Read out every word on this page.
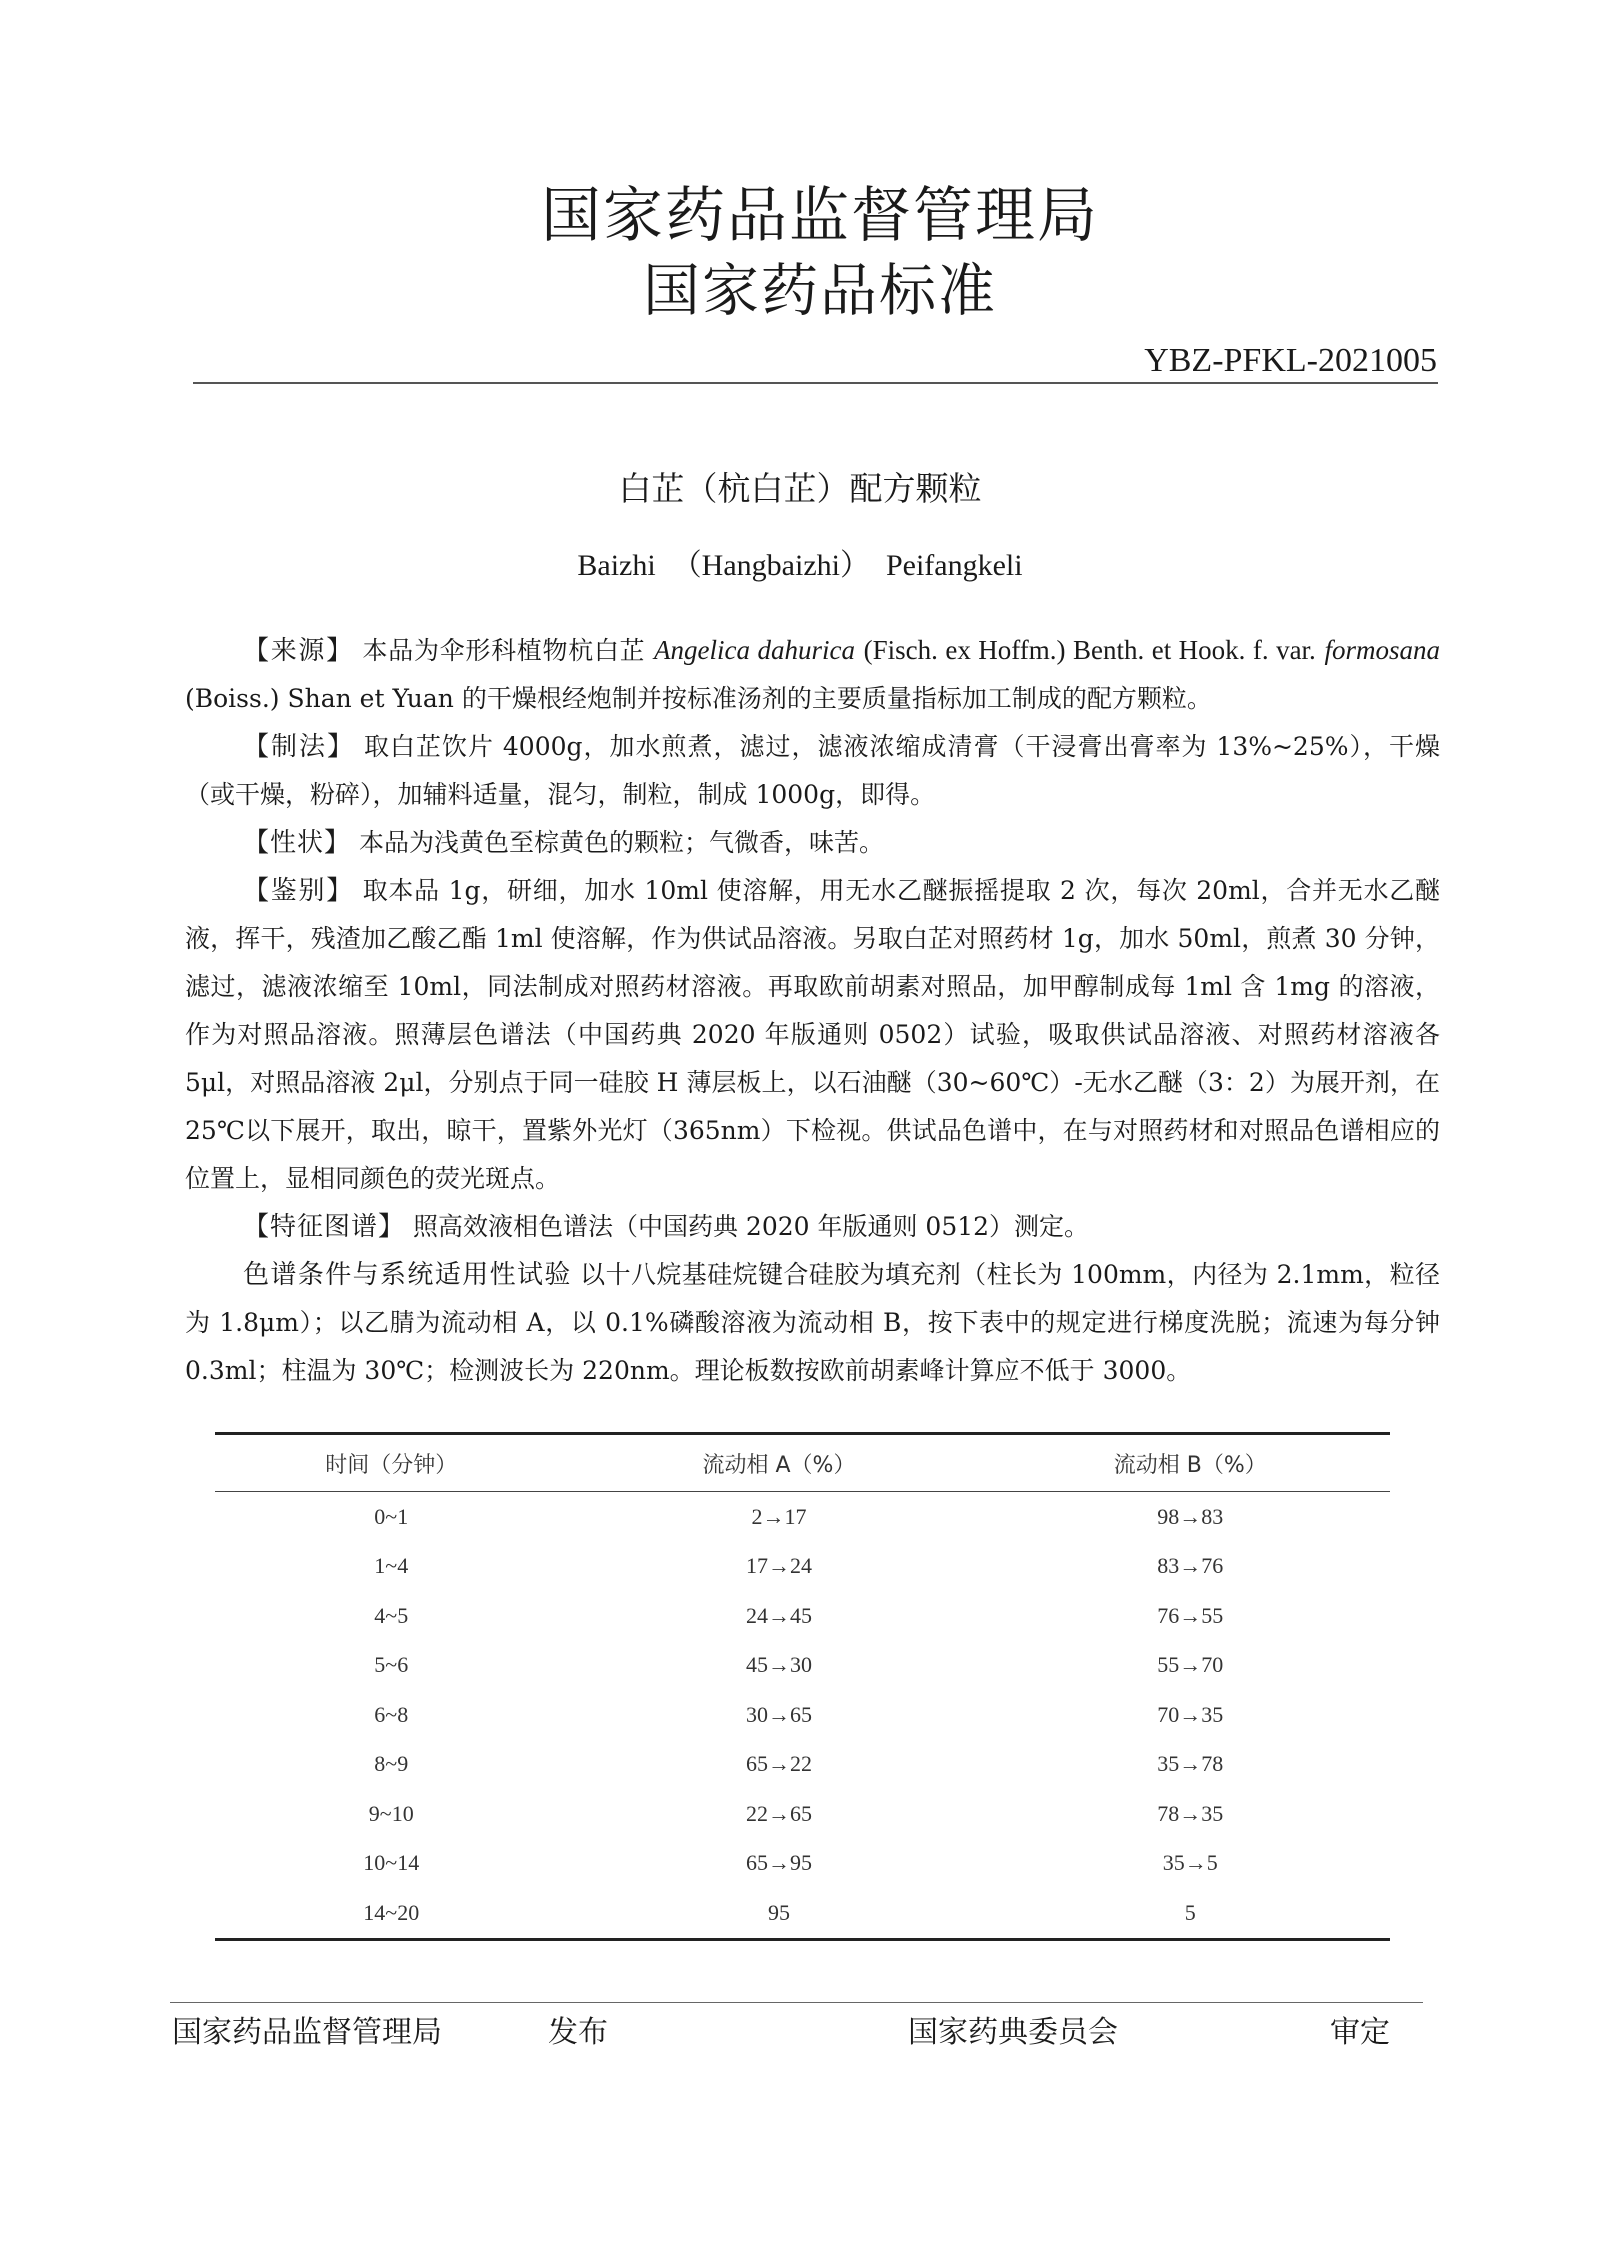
国家药品监督管理局
国家药品标准
YBZ-PFKL-2021005
白芷（杭白芷）配方颗粒
Baizhi （Hangbaizhi） Peifangkeli

【来源】 本品为伞形科植物杭白芷 Angelica dahurica (Fisch. ex Hoffm.) Benth. et Hook. f. var. formosana (Boiss.) Shan et Yuan 的干燥根经炮制并按标准汤剂的主要质量指标加工制成的配方颗粒。

【制法】 取白芷饮片 4000g，加水煎煮，滤过，滤液浓缩成清膏（干浸膏出膏率为 13%~25%），干燥（或干燥，粉碎），加辅料适量，混匀，制粒，制成 1000g，即得。

【性状】 本品为浅黄色至棕黄色的颗粒；气微香，味苦。

【鉴别】 取本品 1g，研细，加水 10ml 使溶解，用无水乙醚振摇提取 2 次，每次 20ml，合并无水乙醚液，挥干，残渣加乙酸乙酯 1ml 使溶解，作为供试品溶液。另取白芷对照药材 1g，加水 50ml，煎煮 30 分钟，滤过，滤液浓缩至 10ml，同法制成对照药材溶液。再取欧前胡素对照品，加甲醇制成每 1ml 含 1mg 的溶液，作为对照品溶液。照薄层色谱法（中国药典 2020 年版通则 0502）试验，吸取供试品溶液、对照药材溶液各 5μl，对照品溶液 2μl，分别点于同一硅胶 H 薄层板上，以石油醚（30~60℃）-无水乙醚（3：2）为展开剂，在 25℃以下展开，取出，晾干，置紫外光灯（365nm）下检视。供试品色谱中，在与对照药材和对照品色谱相应的位置上，显相同颜色的荧光斑点。

【特征图谱】 照高效液相色谱法（中国药典 2020 年版通则 0512）测定。

色谱条件与系统适用性试验 以十八烷基硅烷键合硅胶为填充剂（柱长为 100mm，内径为 2.1mm，粒径为 1.8μm）；以乙腈为流动相 A，以 0.1%磷酸溶液为流动相 B，按下表中的规定进行梯度洗脱；流速为每分钟 0.3ml；柱温为 30℃；检测波长为 220nm。理论板数按欧前胡素峰计算应不低于 3000。

时间（分钟）	流动相 A（%）	流动相 B（%）
0~1	2→17	98→83
1~4	17→24	83→76
4~5	24→45	76→55
5~6	45→30	55→70
6~8	30→65	70→35
8~9	65→22	35→78
9~10	22→65	78→35
10~14	65→95	35→5
14~20	95	5
国家药品监督管理局	发布	国家药典委员会	审定
